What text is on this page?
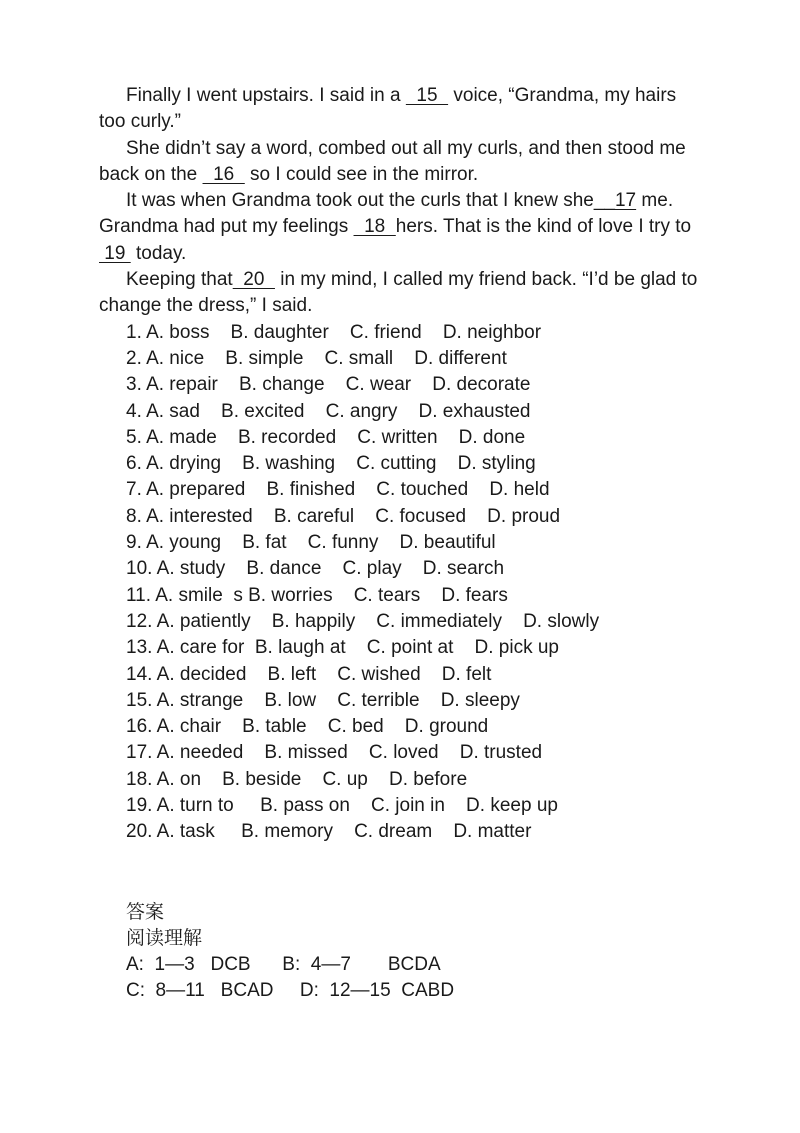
Finally I went upstairs. I said in a   15   voice, “Grandma, my hairs too curly.”

She didn’t say a word, combed out all my curls, and then stood me back on the   16   so I could see in the mirror.

It was when Grandma took out the curls that I knew she__17 me. Grandma had put my feelings   18  hers. That is the kind of love I try to  19  today.

Keeping that  20   in my mind, I called my friend back. “I’d be glad to change the dress,” I said.

1. A. boss    B. daughter    C. friend    D. neighbor
2. A. nice    B. simple    C. small    D. different
3. A. repair    B. change    C. wear    D. decorate
4. A. sad    B. excited    C. angry    D. exhausted
5. A. made    B. recorded    C. written    D. done
6. A. drying    B. washing    C. cutting    D. styling
7. A. prepared    B. finished    C. touched    D. held
8. A. interested    B. careful    C. focused    D. proud
9. A. young    B. fat    C. funny    D. beautiful
10. A. study    B. dance    C. play    D. search
11. A. smile  s B. worries    C. tears    D. fears
12. A. patiently    B. happily    C. immediately    D. slowly
13. A. care for  B. laugh at    C. point at    D. pick up
14. A. decided    B. left    C. wished    D. felt
15. A. strange    B. low    C. terrible    D. sleepy
16. A. chair    B. table    C. bed    D. ground
17. A. needed    B. missed    C. loved    D. trusted
18. A. on    B. beside    C. up    D. before
19. A. turn to     B. pass on    C. join in    D. keep up
20. A. task     B. memory    C. dream    D. matter
答案
阅读理解
A:  1—3   DCB      B:  4—7       BCDA
C:  8—11   BCAD     D:  12—15  CABD
